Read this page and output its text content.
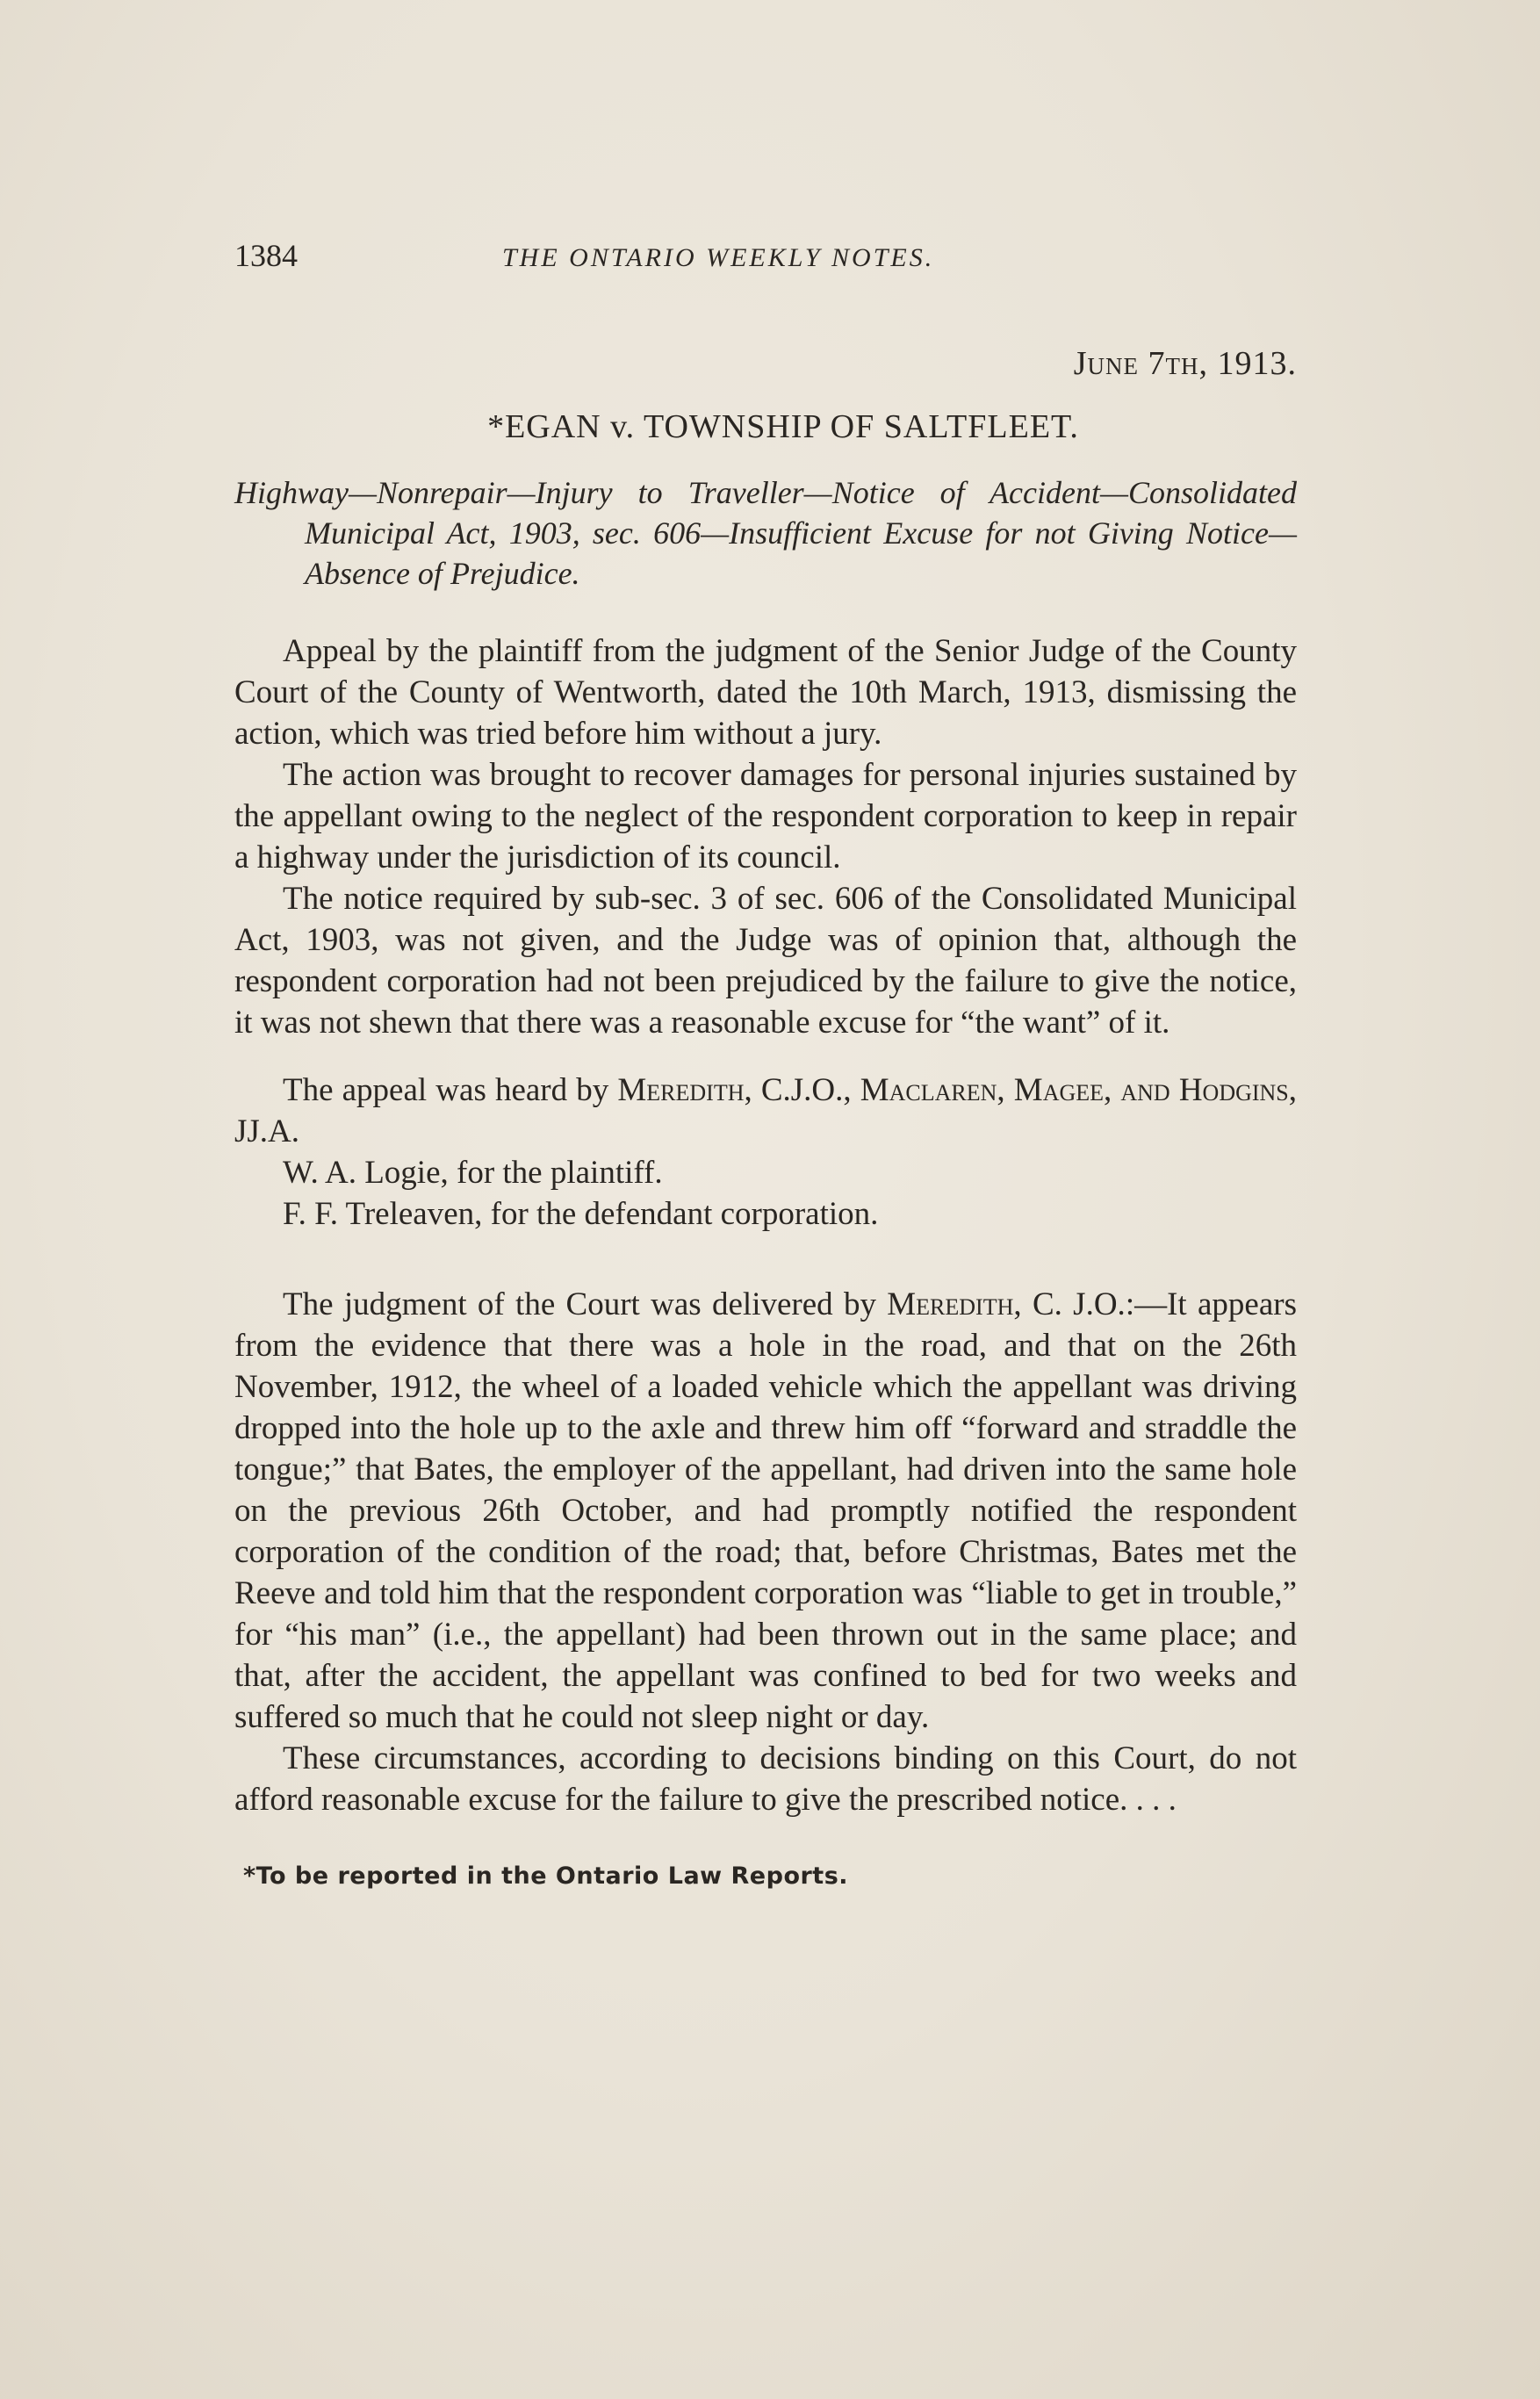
1384	THE ONTARIO WEEKLY NOTES.
June 7th, 1913.
*EGAN v. TOWNSHIP OF SALTFLEET.

Highway—Nonrepair—Injury to Traveller—Notice of Accident—Consolidated Municipal Act, 1903, sec. 606—Insufficient Excuse for not Giving Notice—Absence of Prejudice.

Appeal by the plaintiff from the judgment of the Senior Judge of the County Court of the County of Wentworth, dated the 10th March, 1913, dismissing the action, which was tried before him without a jury.

The action was brought to recover damages for personal injuries sustained by the appellant owing to the neglect of the respondent corporation to keep in repair a highway under the jurisdiction of its council.

The notice required by sub-sec. 3 of sec. 606 of the Consolidated Municipal Act, 1903, was not given, and the Judge was of opinion that, although the respondent corporation had not been prejudiced by the failure to give the notice, it was not shewn that there was a reasonable excuse for “the want” of it.

The appeal was heard by Meredith, C.J.O., Maclaren, Magee, and Hodgins, JJ.A.

W. A. Logie, for the plaintiff.

F. F. Treleaven, for the defendant corporation.

The judgment of the Court was delivered by Meredith, C. J.O.:—It appears from the evidence that there was a hole in the road, and that on the 26th November, 1912, the wheel of a loaded vehicle which the appellant was driving dropped into the hole up to the axle and threw him off “forward and straddle the tongue;” that Bates, the employer of the appellant, had driven into the same hole on the previous 26th October, and had promptly notified the respondent corporation of the condition of the road; that, before Christmas, Bates met the Reeve and told him that the respondent corporation was “liable to get in trouble,” for “his man” (i.e., the appellant) had been thrown out in the same place; and that, after the accident, the appellant was confined to bed for two weeks and suffered so much that he could not sleep night or day.

These circumstances, according to decisions binding on this Court, do not afford reasonable excuse for the failure to give the prescribed notice. . . .

*To be reported in the Ontario Law Reports.
